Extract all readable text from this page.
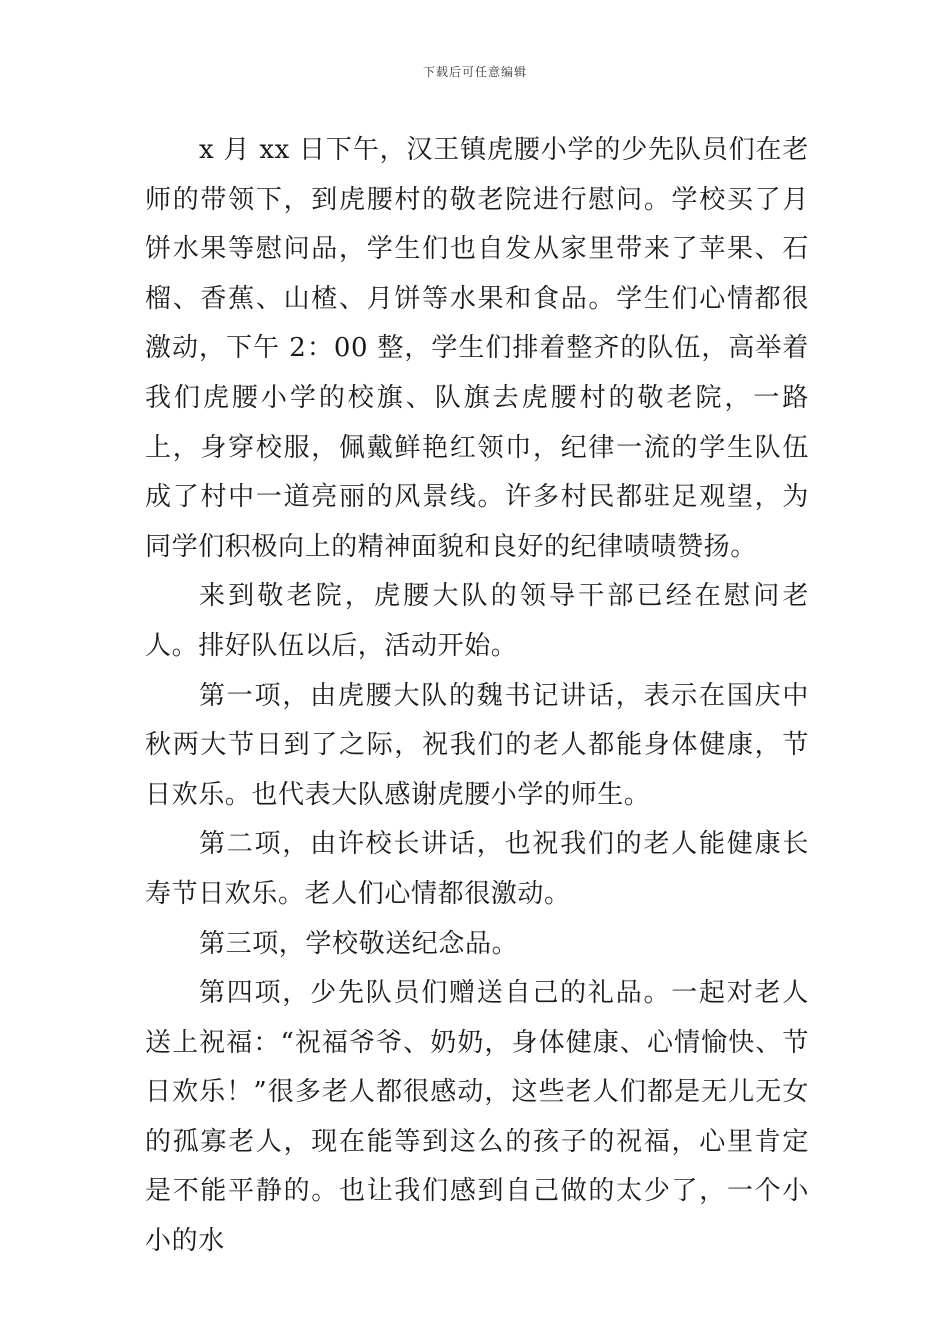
下载后可任意编辑

x 月 xx 日下午，汉王镇虎腰小学的少先队员们在老师的带领下，到虎腰村的敬老院进行慰问。学校买了月饼水果等慰问品，学生们也自发从家里带来了苹果、石榴、香蕉、山楂、月饼等水果和食品。学生们心情都很激动，下午 2：00 整，学生们排着整齐的队伍，高举着我们虎腰小学的校旗、队旗去虎腰村的敬老院，一路上，身穿校服，佩戴鲜艳红领巾，纪律一流的学生队伍成了村中一道亮丽的风景线。许多村民都驻足观望，为同学们积极向上的精神面貌和良好的纪律啧啧赞扬。

来到敬老院，虎腰大队的领导干部已经在慰问老人。排好队伍以后，活动开始。

第一项，由虎腰大队的魏书记讲话，表示在国庆中秋两大节日到了之际，祝我们的老人都能身体健康，节日欢乐。也代表大队感谢虎腰小学的师生。

第二项，由许校长讲话，也祝我们的老人能健康长寿节日欢乐。老人们心情都很激动。

第三项，学校敬送纪念品。

第四项，少先队员们赠送自己的礼品。一起对老人送上祝福：“祝福爷爷、奶奶，身体健康、心情愉快、节日欢乐！”很多老人都很感动，这些老人们都是无儿无女的孤寡老人，现在能等到这么的孩子的祝福，心里肯定是不能平静的。也让我们感到自己做的太少了，一个小小的水
